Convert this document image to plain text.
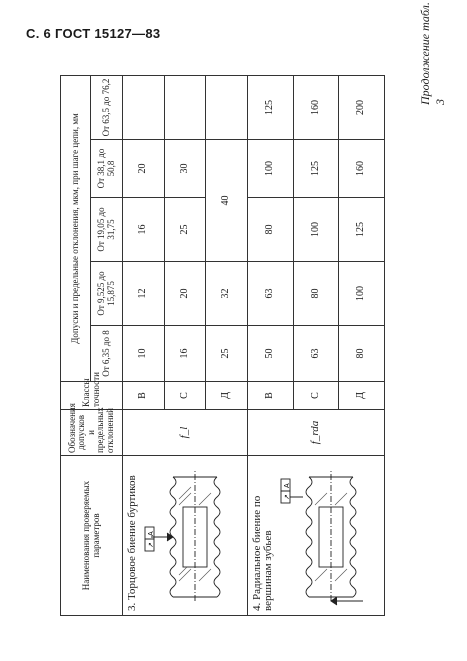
С. 6 ГОСТ 15127—83	Продолжение табл. 3
Наименования проверяемых параметров	Обозначения допусков и предельных отклонений	Классы точности	Допуски и предельные отклонения, мкм, при шаге цепи, мм				
			От 6,35 до 8	От 9,525 до 15,875	От 19,05 до 31,75	От 38,1 до 50,8	От 63,5 до 76,2

3. Торцовое биение буртиков ↗
A	f_l	В	10	12	16	20	
		С	16	20	25	30	
		Д	25	32	40		

4. Радиальное биение по вершинам зубьев
↗
A	f_rda	В	50	63	80	100	125
		С	63	80	100	125	160
		Д	80	100	125	160	200
